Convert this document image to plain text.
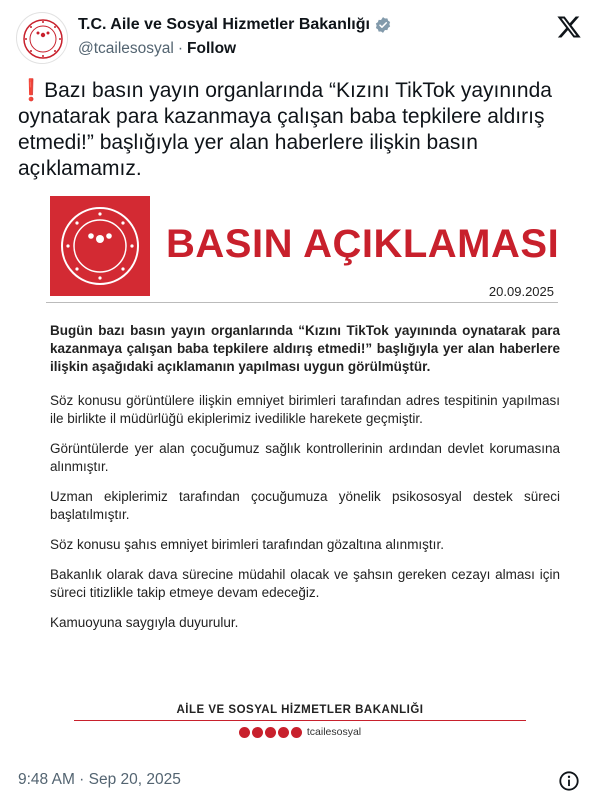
T.C. Aile ve Sosyal Hizmetler Bakanlığı
@tcailesosyal · Follow
❗Bazı basın yayın organlarında “Kızını TikTok yayınında oynatarak para kazanmaya çalışan baba tepkilere aldırış etmedi!” başlığıyla yer alan haberlere ilişkin basın açıklamamız.
BASIN AÇIKLAMASI
20.09.2025

Bugün bazı basın yayın organlarında “Kızını TikTok yayınında oynatarak para kazanmaya çalışan baba tepkilere aldırış etmedi!” başlığıyla yer alan haberlere ilişkin aşağıdaki açıklamanın yapılması uygun görülmüştür.

Söz konusu görüntülere ilişkin emniyet birimleri tarafından adres tespitinin yapılması ile birlikte il müdürlüğü ekiplerimiz ivedilikle harekete geçmiştir.

Görüntülerde yer alan çocuğumuz sağlık kontrollerinin ardından devlet korumasına alınmıştır.

Uzman ekiplerimiz tarafından çocuğumuza yönelik psikososyal destek süreci başlatılmıştır.

Söz konusu şahıs emniyet birimleri tarafından gözaltına alınmıştır.

Bakanlık olarak dava sürecine müdahil olacak ve şahsın gereken cezayı alması için süreci titizlikle takip etmeye devam edeceğiz.

Kamuoyuna saygıyla duyurulur.

AİLE VE SOSYAL HİZMETLER BAKANLIĞI
tcailesosyal
9:48 AM · Sep 20, 2025
